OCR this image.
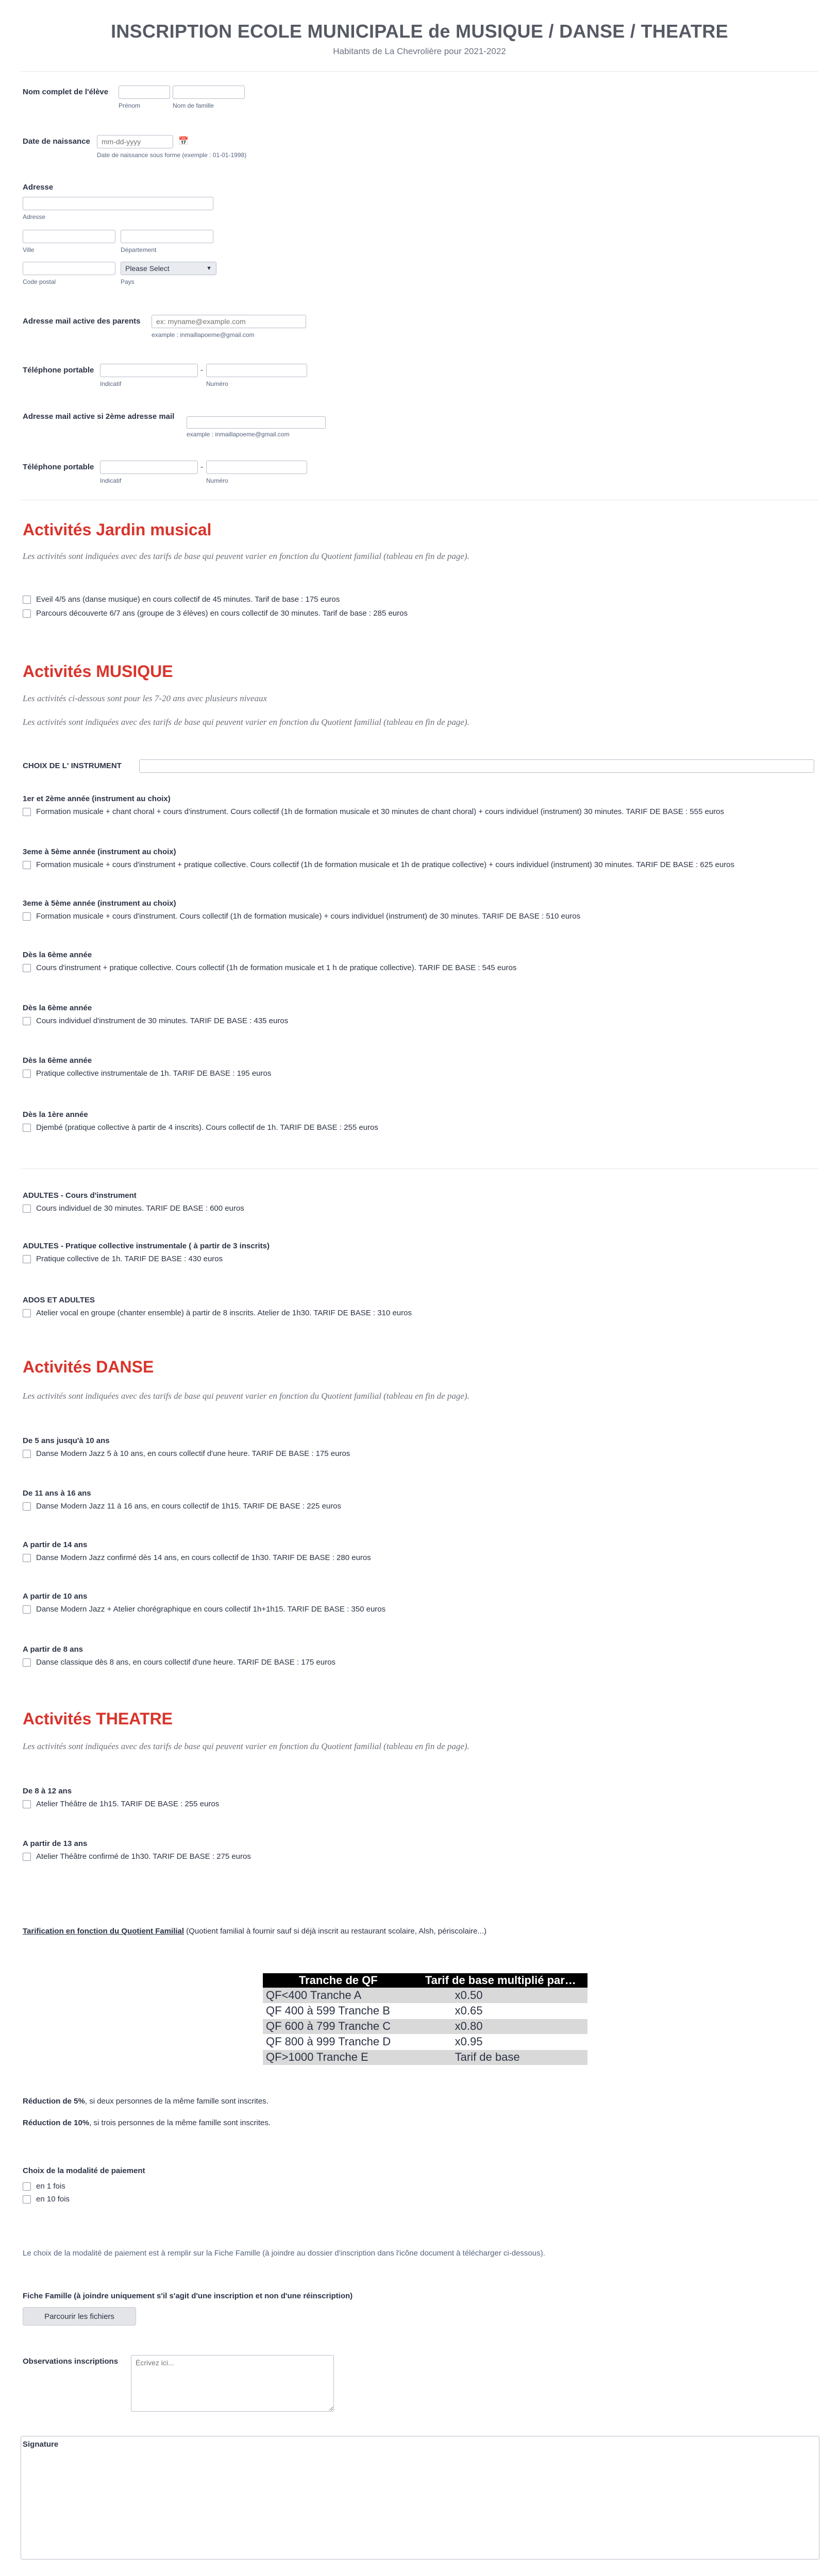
INSCRIPTION ECOLE MUNICIPALE de MUSIQUE / DANSE / THEATRE
Habitants de La Chevrolière pour 2021-2022
Nom complet de l'élève
Prénom	Nom de famille
Date de naissance
mm-dd-yyyy	📅
Date de naissance sous forme (exemple : 01-01-1998)
Adresse
Adresse
Ville	Département
Please Select	▼
Code postal	Pays
Adresse mail active des parents
ex: myname@example.com
example : inmaillapoeme@gmail.com
Téléphone portable	-
Indicatif	Numéro
Adresse mail active si 2ème adresse mail
example : inmaillapoeme@gmail.com
Téléphone portable	-
Indicatif	Numéro
Activités Jardin musical
Les activités sont indiquées avec des tarifs de base qui peuvent varier en fonction du Quotient familial (tableau en fin de page).
Eveil 4/5 ans (danse musique) en cours collectif de 45 minutes. Tarif de base : 175 euros
Parcours découverte 6/7 ans (groupe de 3 élèves) en cours collectif de 30 minutes. Tarif de base : 285 euros
Activités MUSIQUE
Les activités ci-dessous sont pour les 7-20 ans avec plusieurs niveaux
Les activités sont indiquées avec des tarifs de base qui peuvent varier en fonction du Quotient familial (tableau en fin de page).
CHOIX DE L' INSTRUMENT
1er et 2ème année (instrument au choix)
Formation musicale + chant choral + cours d'instrument. Cours collectif (1h de formation musicale et 30 minutes de chant choral) + cours individuel (instrument) 30 minutes. TARIF DE BASE : 555 euros
3eme à 5ème année (instrument au choix)
Formation musicale + cours d'instrument + pratique collective. Cours collectif (1h de formation musicale et 1h de pratique collective) + cours individuel (instrument) 30 minutes. TARIF DE BASE : 625 euros
3eme à 5ème année (instrument au choix)
Formation musicale + cours d'instrument. Cours collectif (1h de formation musicale) + cours individuel (instrument) de 30 minutes. TARIF DE BASE : 510 euros
Dès la 6ème année
Cours d'instrument + pratique collective. Cours collectif (1h de formation musicale et 1 h de pratique collective). TARIF DE BASE : 545 euros
Dès la 6ème année
Cours individuel d'instrument de 30 minutes. TARIF DE BASE : 435 euros
Dès la 6ème année
Pratique collective instrumentale de 1h. TARIF DE BASE : 195 euros
Dès la 1ère année
Djembé (pratique collective à partir de 4 inscrits). Cours collectif de 1h. TARIF DE BASE : 255 euros
ADULTES - Cours d'instrument
Cours individuel de 30 minutes. TARIF DE BASE : 600 euros
ADULTES - Pratique collective instrumentale ( à partir de 3 inscrits)
Pratique collective de 1h. TARIF DE BASE : 430 euros
ADOS ET ADULTES
Atelier vocal en groupe (chanter ensemble) à partir de 8 inscrits. Atelier de 1h30. TARIF DE BASE : 310 euros
Activités DANSE
Les activités sont indiquées avec des tarifs de base qui peuvent varier en fonction du Quotient familial (tableau en fin de page).
De 5 ans jusqu'à 10 ans
Danse Modern Jazz 5 à 10 ans, en cours collectif d'une heure. TARIF DE BASE : 175 euros
De 11 ans à 16 ans
Danse Modern Jazz 11 à 16 ans, en cours collectif de 1h15. TARIF DE BASE : 225 euros
A partir de 14 ans
Danse Modern Jazz confirmé dès 14 ans, en cours collectif de 1h30. TARIF DE BASE : 280 euros
A partir de 10 ans
Danse Modern Jazz + Atelier chorégraphique en cours collectif 1h+1h15. TARIF DE BASE : 350 euros
A partir de 8 ans
Danse classique dès 8 ans, en cours collectif d'une heure. TARIF DE BASE : 175 euros
Activités THEATRE
Les activités sont indiquées avec des tarifs de base qui peuvent varier en fonction du Quotient familial (tableau en fin de page).
De 8 à 12 ans
Atelier Théâtre de 1h15. TARIF DE BASE : 255 euros
A partir de 13 ans
Atelier Théâtre confirmé de 1h30. TARIF DE BASE : 275 euros
Tarification en fonction du Quotient Familial (Quotient familial à fournir sauf si déjà inscrit au restaurant scolaire, Alsh, périscolaire...)
Tranche de QF	Tarif de base multiplié par…
QF<400 Tranche A	x0.50
QF 400 à 599 Tranche B	x0.65
QF 600 à 799 Tranche C	x0.80
QF 800 à 999 Tranche D	x0.95
QF>1000 Tranche E	Tarif de base
Réduction de 5%, si deux personnes de la même famille sont inscrites.
Réduction de 10%, si trois personnes de la même famille sont inscrites.
Choix de la modalité de paiement
en 1 fois
en 10 fois
Le choix de la modalité de paiement est à remplir sur la Fiche Famille (à joindre au dossier d'inscription dans l'icône document à télécharger ci-dessous).
Fiche Famille (à joindre uniquement s'il s'agit d'une inscription et non d'une réinscription)
Parcourir les fichiers
Observations inscriptions
Écrivez ici...
Signature
